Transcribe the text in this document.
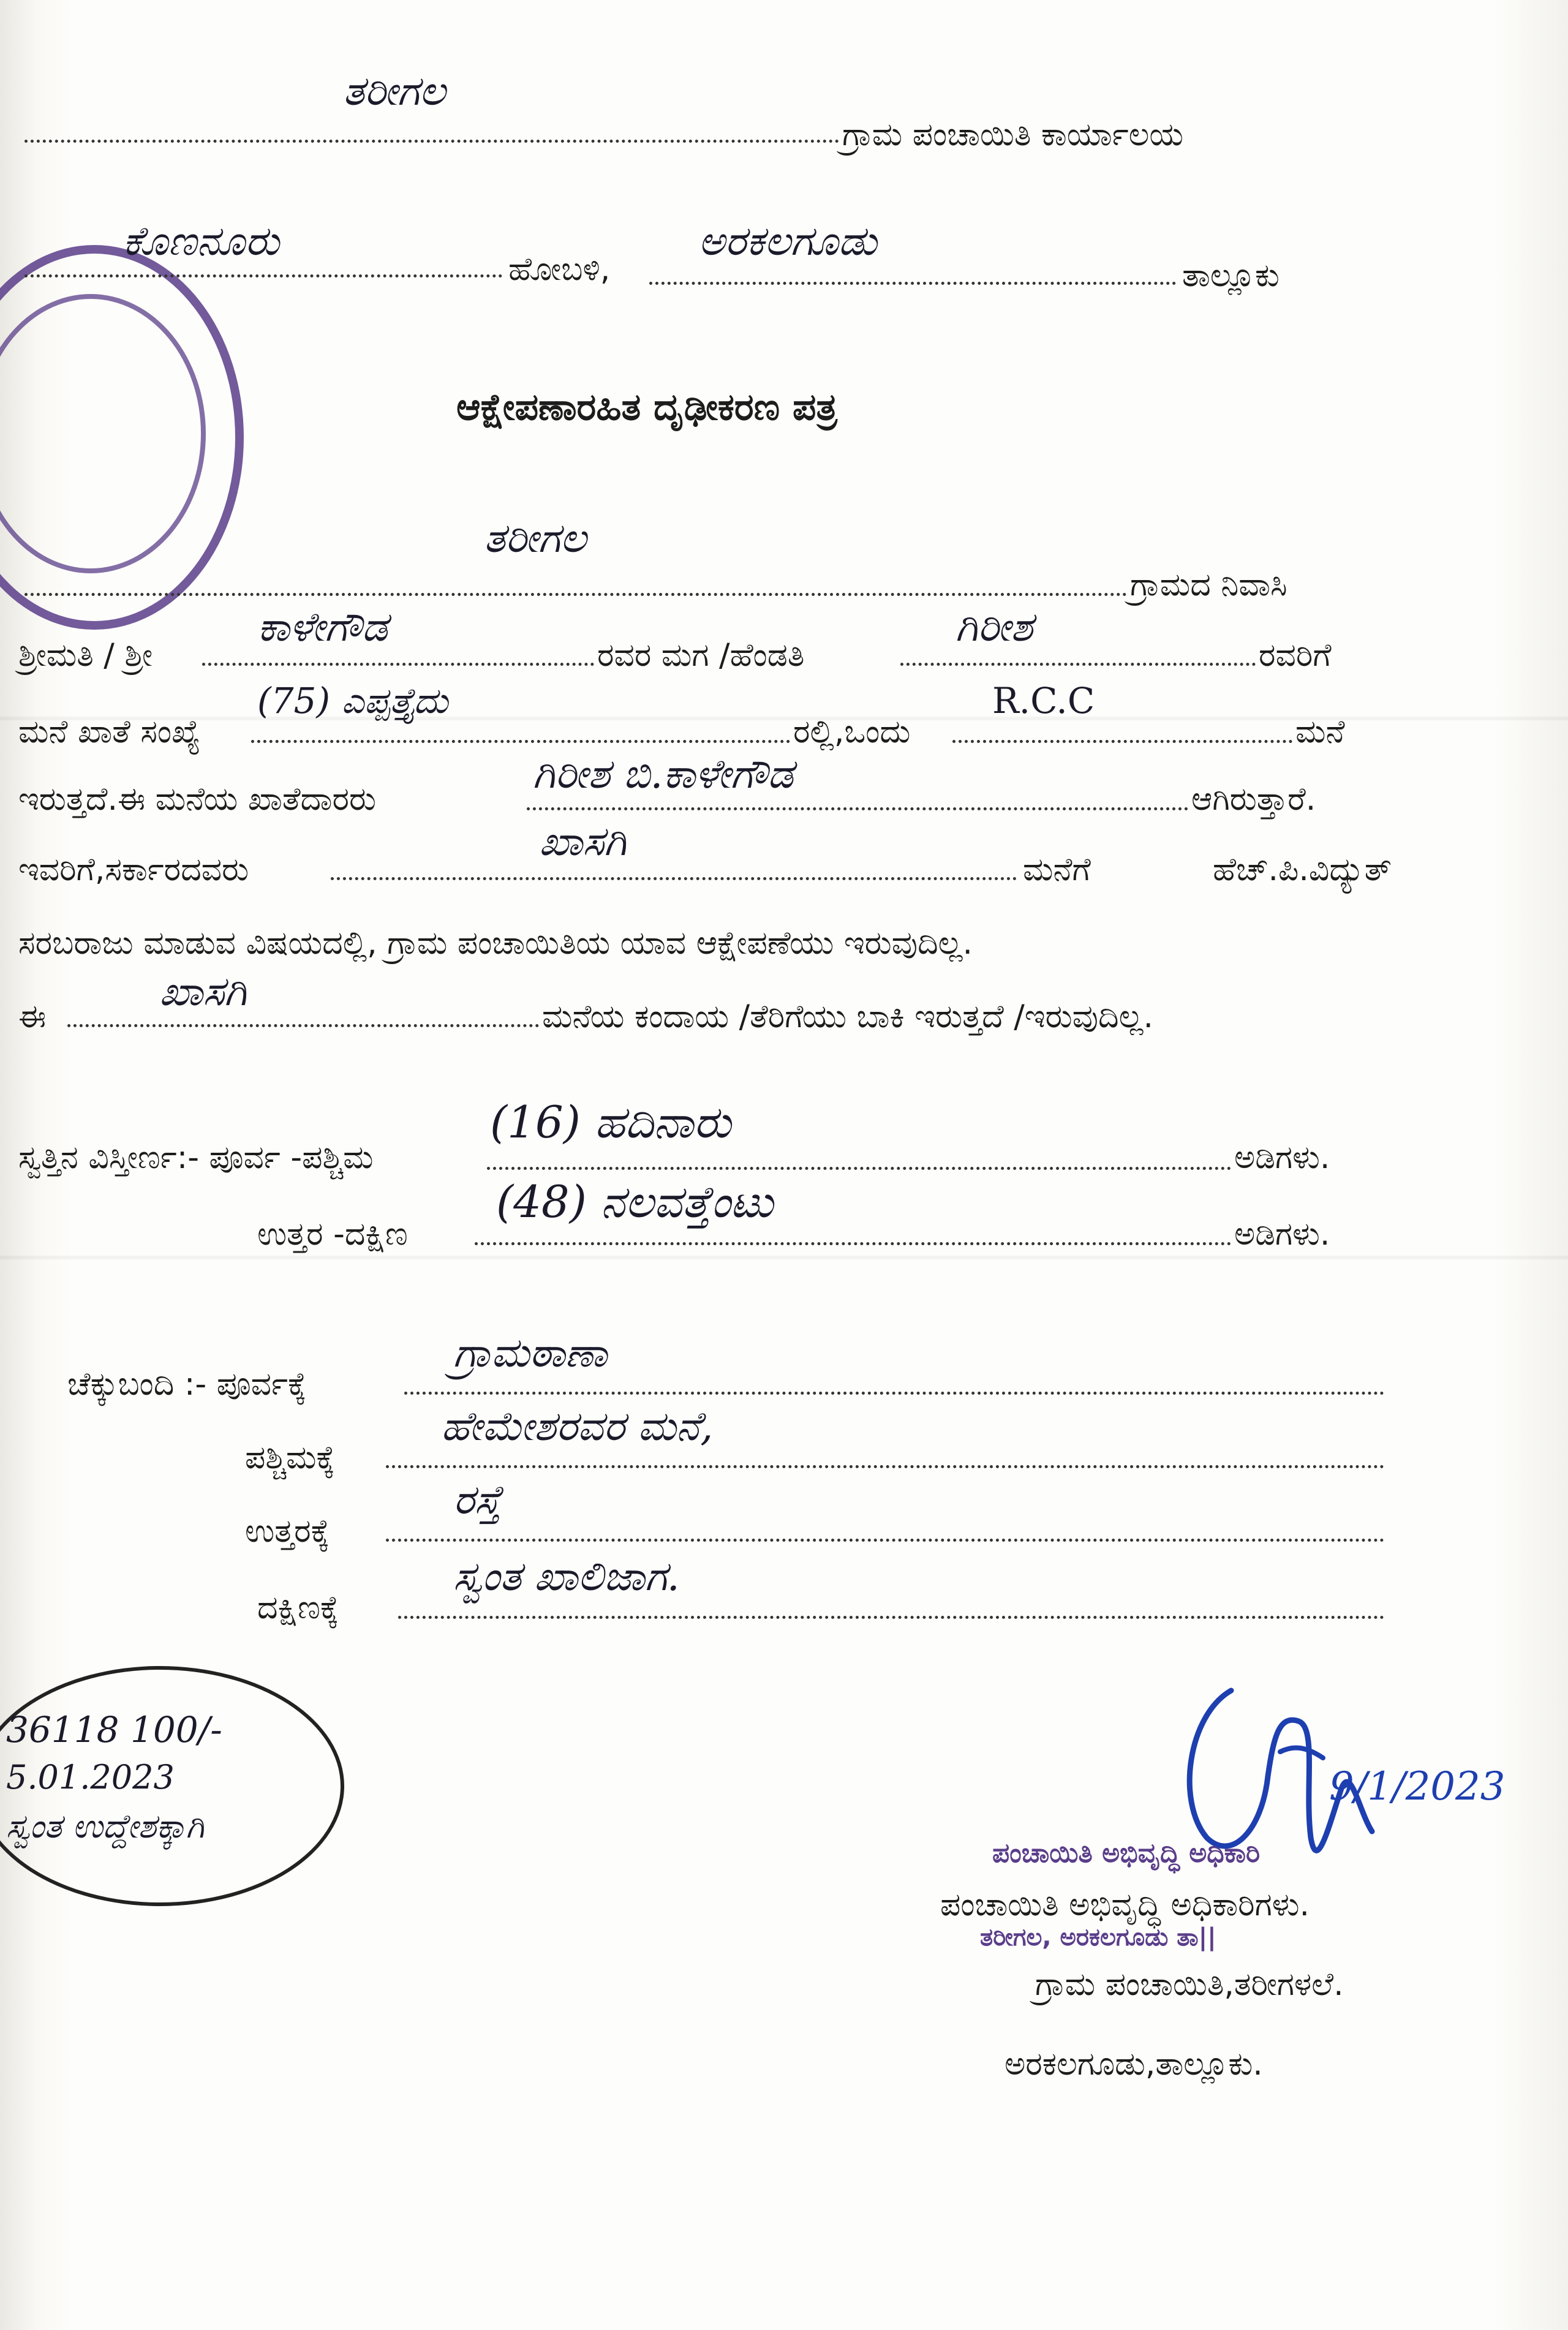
ತರೀಗಲ
ಗ್ರಾಮ ಪಂಚಾಯಿತಿ ಕಾರ್ಯಾಲಯ
ಕೊಣನೂರು
ಹೋಬಳಿ,
ಅರಕಲಗೂಡು
ತಾಲ್ಲೂಕು
ಆಕ್ಷೇಪಣಾರಹಿತ ದೃಢೀಕರಣ ಪತ್ರ
ತರೀಗಲ
ಗ್ರಾಮದ ನಿವಾಸಿ
ಶ್ರೀಮತಿ / ಶ್ರೀ
ಕಾಳೇಗೌಡ
ರವರ ಮಗ /ಹೆಂಡತಿ
ಗಿರೀಶ
ರವರಿಗೆ
ಮನೆ ಖಾತೆ ಸಂಖ್ಯೆ
(75) ಎಪ್ಪತ್ತೈದು
ರಲ್ಲಿ,ಒಂದು
R.C.C
ಮನೆ
ಇರುತ್ತದೆ.ಈ ಮನೆಯ ಖಾತೆದಾರರು
ಗಿರೀಶ ಬಿ.ಕಾಳೇಗೌಡ
ಆಗಿರುತ್ತಾರೆ.
ಇವರಿಗೆ,ಸರ್ಕಾರದವರು
ಖಾಸಗಿ
ಮನೆಗೆ	ಹೆಚ್.ಪಿ.ವಿದ್ಯುತ್
ಸರಬರಾಜು ಮಾಡುವ ವಿಷಯದಲ್ಲಿ, ಗ್ರಾಮ ಪಂಚಾಯಿತಿಯ ಯಾವ ಆಕ್ಷೇಪಣೆಯು ಇರುವುದಿಲ್ಲ.
ಈ
ಖಾಸಗಿ
ಮನೆಯ ಕಂದಾಯ /ತೆರಿಗೆಯು ಬಾಕಿ ಇರುತ್ತದೆ /ಇರುವುದಿಲ್ಲ.
ಸ್ವತ್ತಿನ ವಿಸ್ತೀರ್ಣ:- ಪೂರ್ವ -ಪಶ್ಚಿಮ
(16) ಹದಿನಾರು
ಅಡಿಗಳು.
ಉತ್ತರ -ದಕ್ಷಿಣ
(48) ನಲವತ್ತೆಂಟು
ಅಡಿಗಳು.
ಚೆಕ್ಕುಬಂದಿ :- ಪೂರ್ವಕ್ಕೆ
ಗ್ರಾಮಠಾಣಾ
ಪಶ್ಚಿಮಕ್ಕೆ
ಹೇಮೇಶರವರ ಮನೆ,
ಉತ್ತರಕ್ಕೆ
ರಸ್ತೆ
ದಕ್ಷಿಣಕ್ಕೆ
ಸ್ವಂತ ಖಾಲಿಜಾಗ.
36118 100/-
5.01.2023
ಸ್ವಂತ ಉದ್ದೇಶಕ್ಕಾಗಿ
9/1/2023
ಪಂಚಾಯಿತಿ ಅಭಿವೃದ್ಧಿ ಅಧಿಕಾರಿ
ತರೀಗಲ, ಅರಕಲಗೂಡು ತಾ||
ಪಂಚಾಯಿತಿ ಅಭಿವೃದ್ಧಿ ಅಧಿಕಾರಿಗಳು.
ಗ್ರಾಮ ಪಂಚಾಯಿತಿ,ತರೀಗಳಲೆ.
ಅರಕಲಗೂಡು,ತಾಲ್ಲೂಕು.
